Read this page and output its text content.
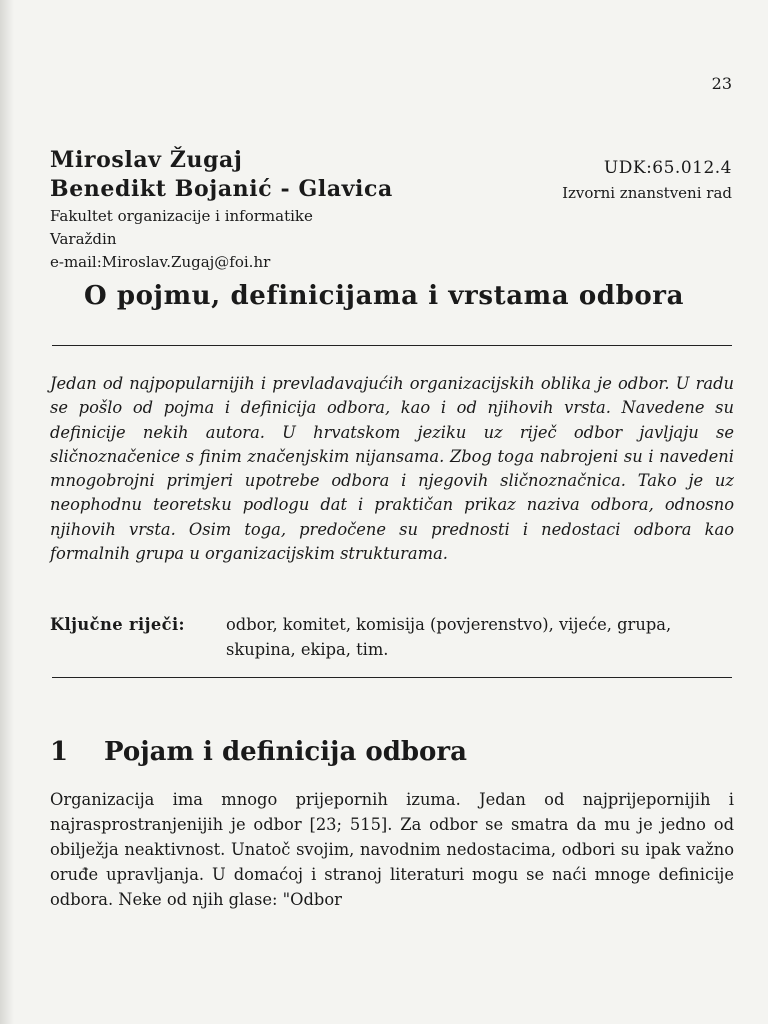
23
Miroslav Žugaj
Benedikt Bojanić - Glavica
Fakultet organizacije i informatike
Varaždin
e-mail:Miroslav.Zugaj@foi.hr
UDK:65.012.4
Izvorni znanstveni rad
O pojmu, definicijama i vrstama odbora
Jedan od najpopularnijih i prevladavajućih organizacijskih oblika je odbor. U radu se pošlo od pojma i definicija odbora, kao i od njihovih vrsta. Navedene su definicije nekih autora. U hrvatskom jeziku uz riječ odbor javljaju se sličnoznačenice s finim značenjskim nijansama. Zbog toga nabrojeni su i navedeni mnogobrojni primjeri upotrebe odbora i njegovih sličnoznačnica. Tako je uz neophodnu teoretsku podlogu dat i praktičan prikaz naziva odbora, odnosno njihovih vrsta. Osim toga, predočene su prednosti i nedostaci odbora kao formalnih grupa u organizacijskim strukturama.
Ključne riječi:	odbor, komitet, komisija (povjerenstvo), vijeće, grupa, skupina, ekipa, tim.
1 Pojam i definicija odbora
Organizacija ima mnogo prijepornih izuma. Jedan od najprijepornijih i najrasprostranjenijih je odbor [23; 515]. Za odbor se smatra da mu je jedno od obilježja neaktivnost. Unatoč svojim, navodnim nedostacima, odbori su ipak važno oruđe upravljanja. U domaćoj i stranoj literaturi mogu se naći mnoge definicije odbora. Neke od njih glase: "Odbor
